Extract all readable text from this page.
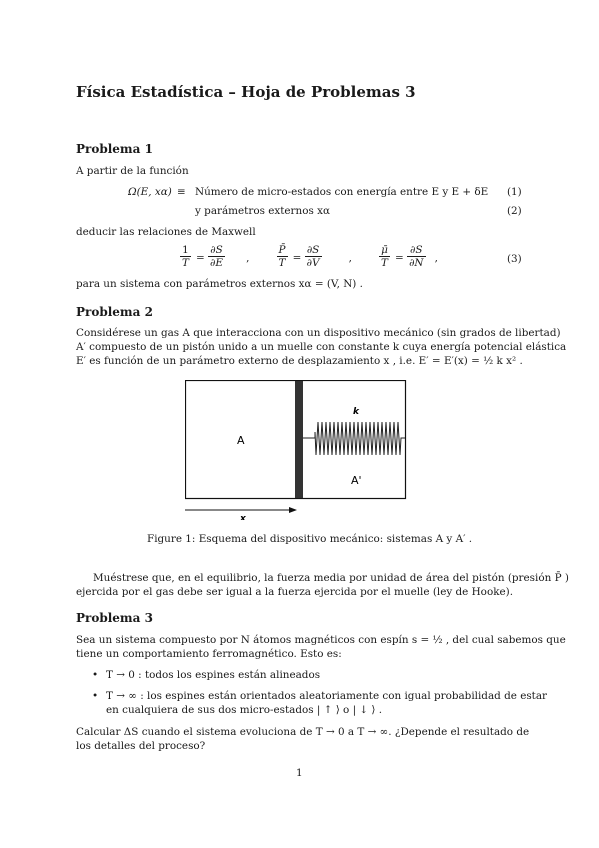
Física Estadística – Hoja de Problemas 3
Problema 1
A partir de la función
Ω(E, xα) ≡ Número de micro-estados con energía entre E y E + δE (1)
y parámetros externos xα	(2)
deducir las relaciones de Maxwell
$\frac{1}{T} = \frac{\partial S}{\partial E}$ ,	$\frac{P̄}{T} = \frac{\partial S}{\partial V}$	,	$\frac{\mū}{T} = \frac{\partial S}{\partial N}$ ,	(3)
para un sistema con parámetros externos xα = (V, N) .
Problema 2
Considérese un gas A que interacciona con un dispositivo mecánico (sin grados de libertad)
A′ compuesto de un pistón unido a un muelle con constante k cuya energía potencial elástica
E′ es función de un parámetro externo de desplazamiento x , i.e. E′ = E′(x) = ½ k x² .
A
A'
k
x
Figure 1: Esquema del dispositivo mecánico: sistemas A y A′ .
Muéstrese que, en el equilibrio, la fuerza media por unidad de área del pistón (presión P̄ )
ejercida por el gas debe ser igual a la fuerza ejercida por el muelle (ley de Hooke).
Problema 3
Sea un sistema compuesto por N átomos magnéticos con espín s = ½ , del cual sabemos que
tiene un comportamiento ferromagnético. Esto es:
• T → 0 : todos los espines están alineados
• T → ∞ : los espines están orientados aleatoriamente con igual probabilidad de estar
en cualquiera de sus dos micro-estados | ↑ ⟩ o | ↓ ⟩ .
Calcular ΔS cuando el sistema evoluciona de T → 0 a T → ∞. ¿Depende el resultado de
los detalles del proceso?
1
